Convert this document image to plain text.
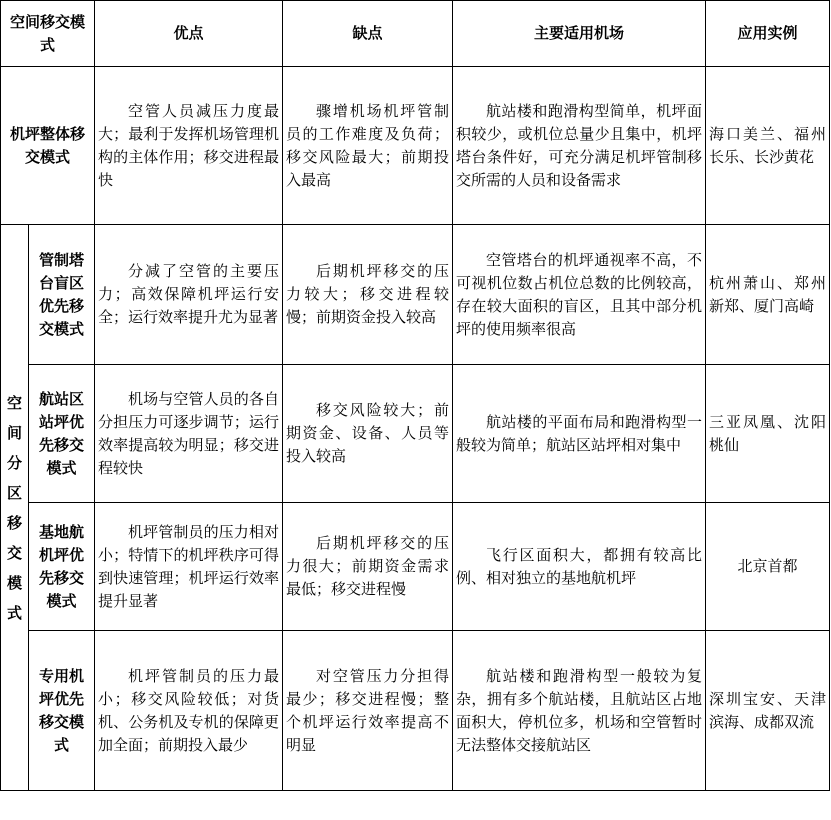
空间移交模式		优点	缺点	主要适用机场	应用实例
机坪整体移交模式		空管人员减压力度最大；最利于发挥机场管理机构的主体作用；移交进程最快	骤增机场机坪管制员的工作难度及负荷；移交风险最大；前期投入最高	航站楼和跑滑构型简单，机坪面积较少，或机位总量少且集中，机坪塔台条件好，可充分满足机坪管制移交所需的人员和设备需求	海口美兰、福州长乐、长沙黄花
空间分区移交模式	管制塔台盲区优先移交模式	分减了空管的主要压力；高效保障机坪运行安全；运行效率提升尤为显著	后期机坪移交的压力较大；移交进程较慢；前期资金投入较高	空管塔台的机坪通视率不高，不可视机位数占机位总数的比例较高，存在较大面积的盲区，且其中部分机坪的使用频率很高	杭州萧山、郑州新郑、厦门高崎
	航站区站坪优先移交模式	机场与空管人员的各自分担压力可逐步调节；运行效率提高较为明显；移交进程较快	移交风险较大；前期资金、设备、人员等投入较高	航站楼的平面布局和跑滑构型一般较为简单；航站区站坪相对集中	三亚凤凰、沈阳桃仙
	基地航机坪优先移交模式	机坪管制员的压力相对小；特情下的机坪秩序可得到快速管理；机坪运行效率提升显著	后期机坪移交的压力很大；前期资金需求最低；移交进程慢	飞行区面积大，都拥有较高比例、相对独立的基地航机坪	北京首都
	专用机坪优先移交模式	机坪管制员的压力最小；移交风险较低；对货机、公务机及专机的保障更加全面；前期投入最少	对空管压力分担得最少；移交进程慢；整个机坪运行效率提高不明显	航站楼和跑滑构型一般较为复杂，拥有多个航站楼，且航站区占地面积大，停机位多，机场和空管暂时无法整体交接航站区	深圳宝安、天津滨海、成都双流
